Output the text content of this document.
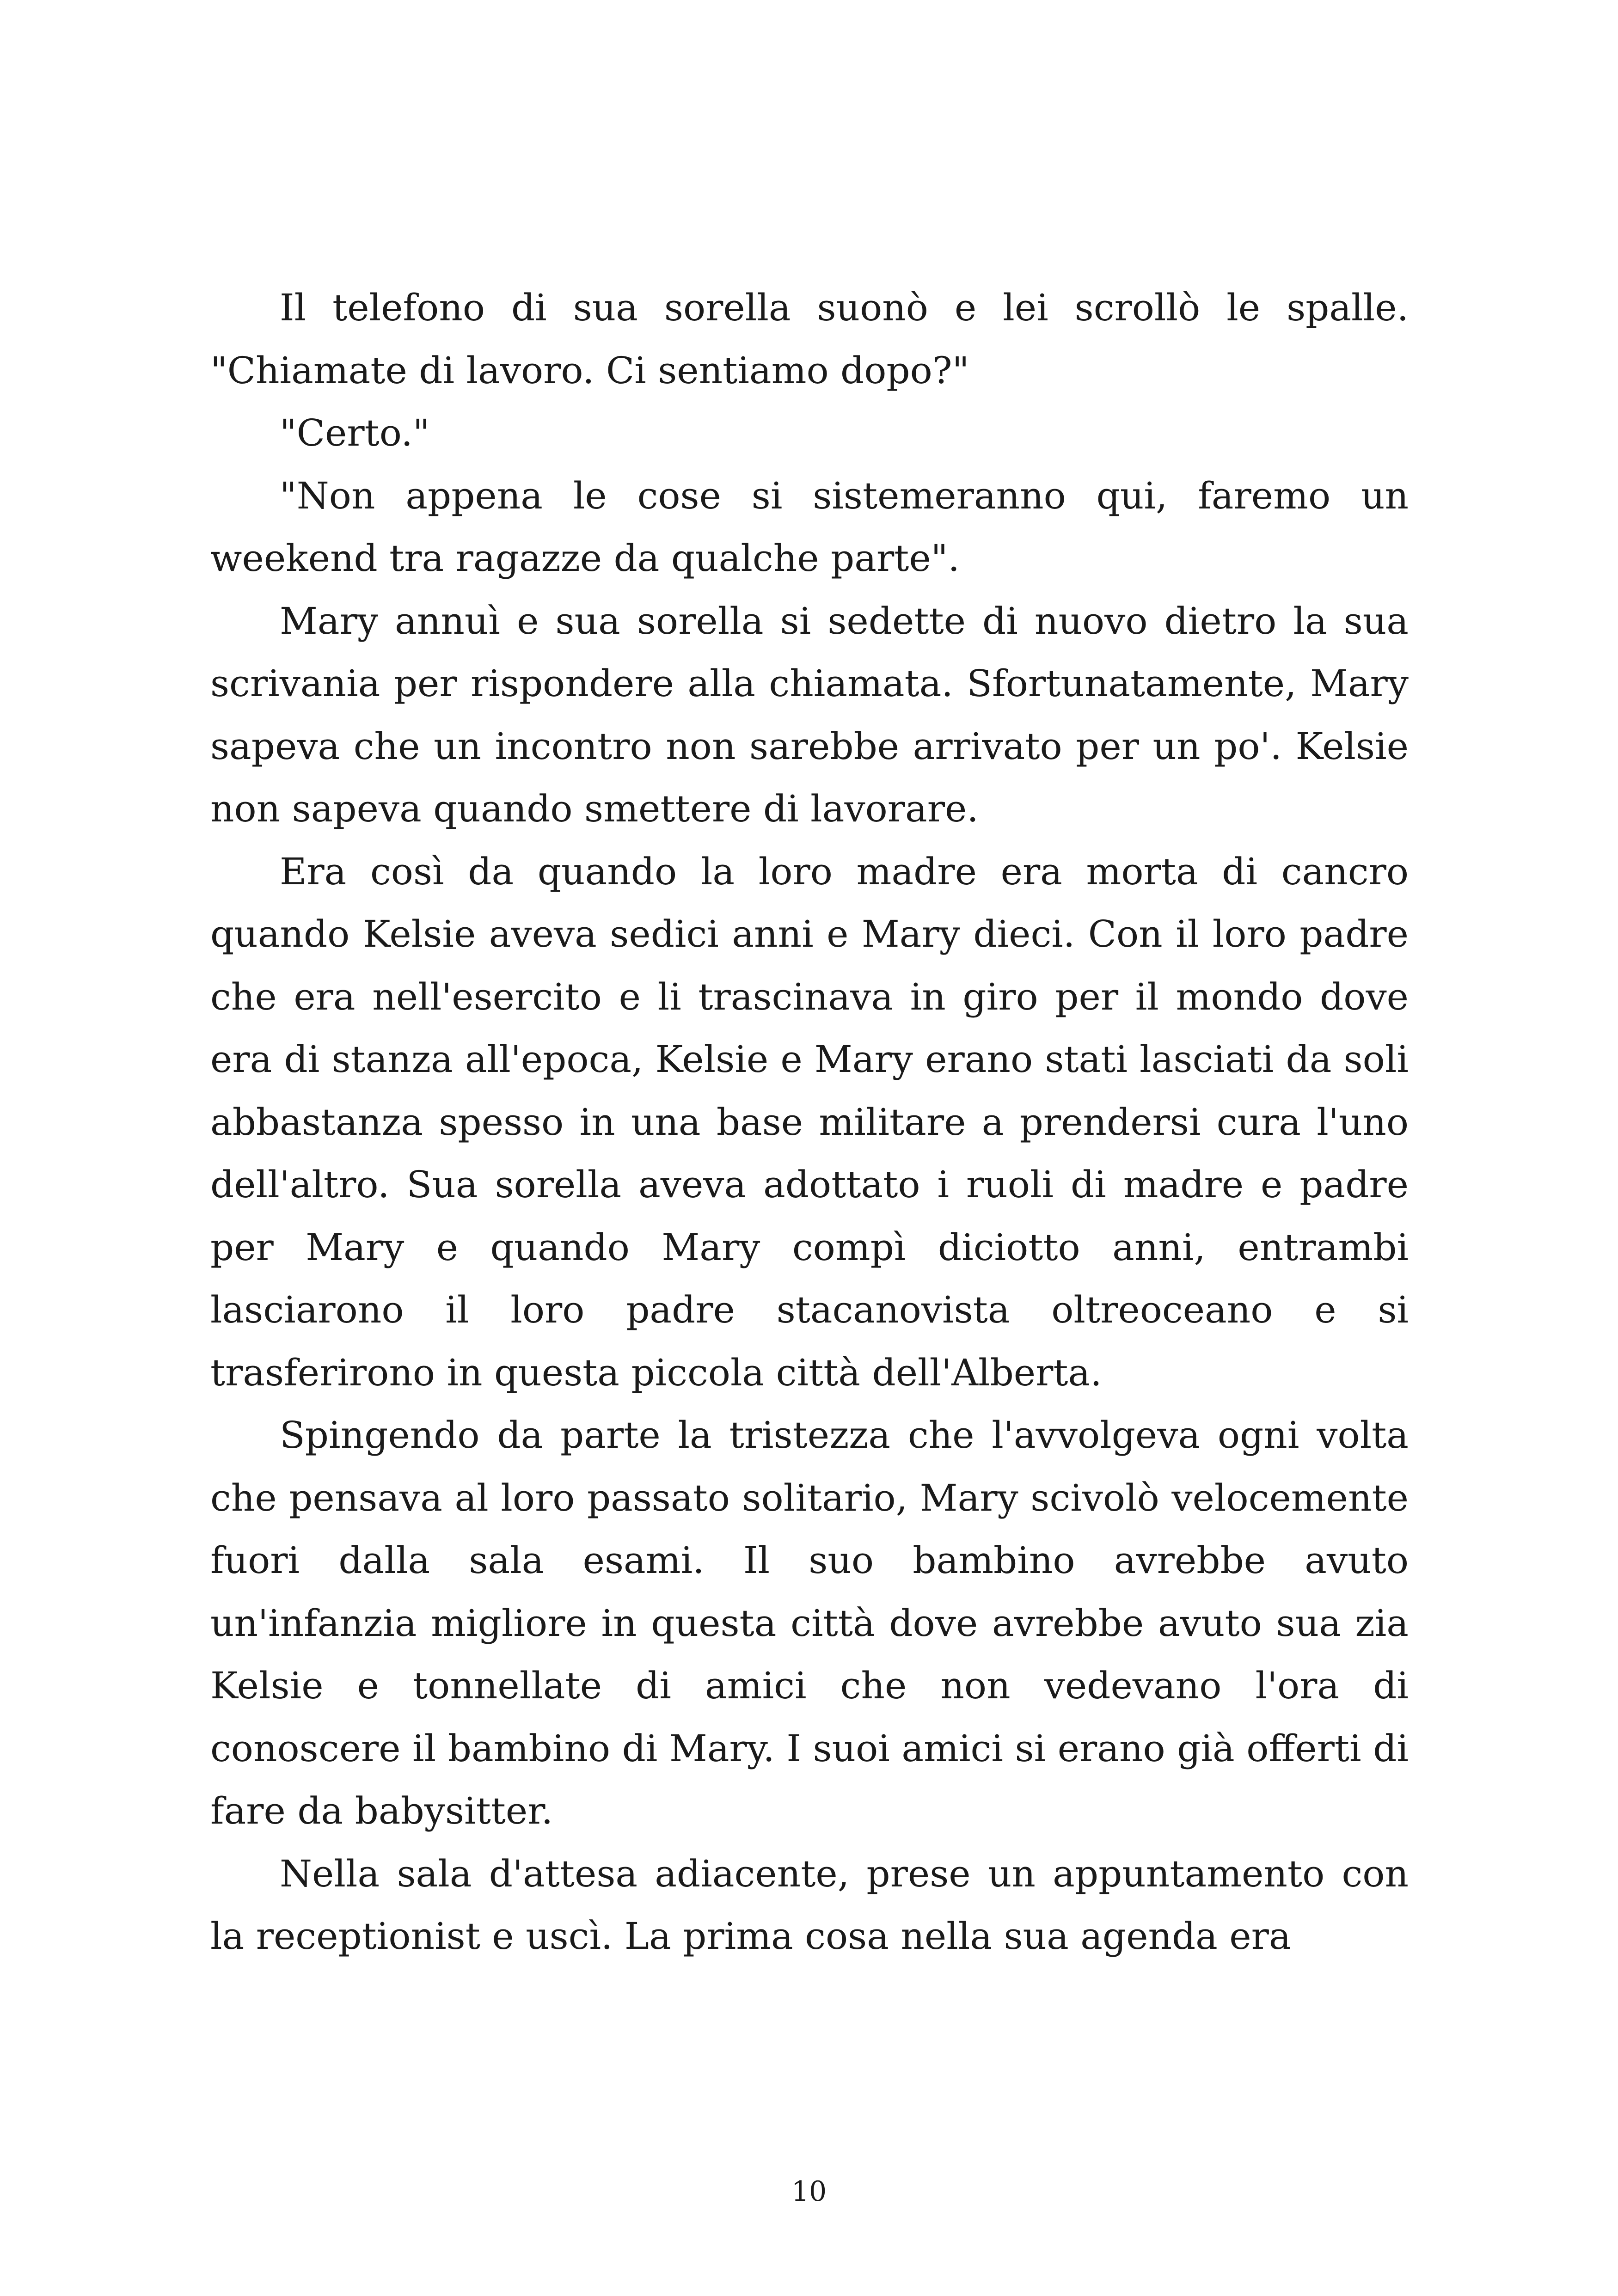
Il telefono di sua sorella suonò e lei scrollò le spalle. "Chiamate di lavoro. Ci sentiamo dopo?"

"Certo."

"Non appena le cose si sistemeranno qui, faremo un weekend tra ragazze da qualche parte".

Mary annuì e sua sorella si sedette di nuovo dietro la sua scrivania per rispondere alla chiamata. Sfortunatamente, Mary sapeva che un incontro non sarebbe arrivato per un po'. Kelsie non sapeva quando smettere di lavorare.

Era così da quando la loro madre era morta di cancro quando Kelsie aveva sedici anni e Mary dieci. Con il loro padre che era nell'esercito e li trascinava in giro per il mondo dove era di stanza all'epoca, Kelsie e Mary erano stati lasciati da soli abbastanza spesso in una base militare a prendersi cura l'uno dell'altro. Sua sorella aveva adottato i ruoli di madre e padre per Mary e quando Mary compì diciotto anni, entrambi lasciarono il loro padre stacanovista oltreoceano e si trasferirono in questa piccola città dell'Alberta.

Spingendo da parte la tristezza che l'avvolgeva ogni volta che pensava al loro passato solitario, Mary scivolò velocemente fuori dalla sala esami. Il suo bambino avrebbe avuto un'infanzia migliore in questa città dove avrebbe avuto sua zia Kelsie e tonnellate di amici che non vedevano l'ora di conoscere il bambino di Mary. I suoi amici si erano già offerti di fare da babysitter.

Nella sala d'attesa adiacente, prese un appuntamento con la receptionist e uscì. La prima cosa nella sua agenda era

10
